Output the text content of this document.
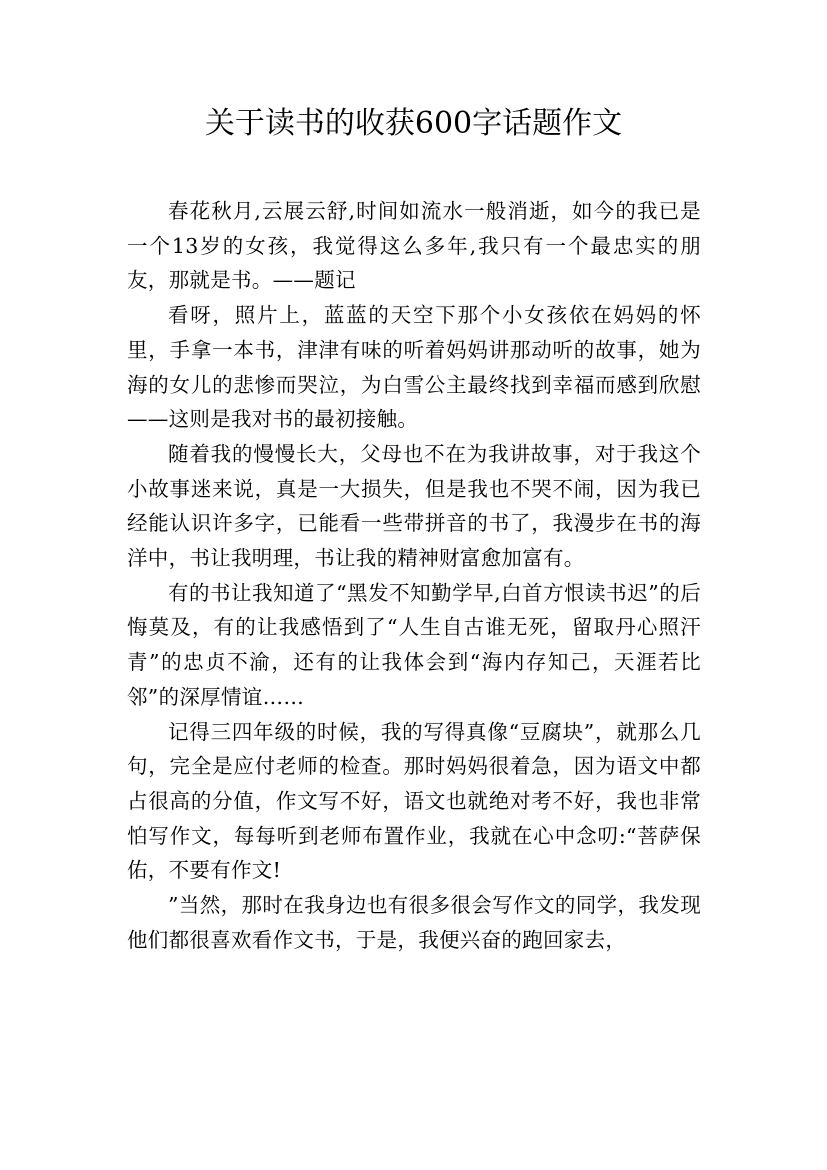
关于读书的收获600字话题作文

春花秋月,云展云舒,时间如流水一般消逝，如今的我已是一个13岁的女孩，我觉得这么多年,我只有一个最忠实的朋友，那就是书。——题记

看呀，照片上，蓝蓝的天空下那个小女孩依在妈妈的怀里，手拿一本书，津津有味的听着妈妈讲那动听的故事，她为海的女儿的悲惨而哭泣，为白雪公主最终找到幸福而感到欣慰——这则是我对书的最初接触。

随着我的慢慢长大，父母也不在为我讲故事，对于我这个小故事迷来说，真是一大损失，但是我也不哭不闹，因为我已经能认识许多字，已能看一些带拼音的书了，我漫步在书的海洋中，书让我明理，书让我的精神财富愈加富有。

有的书让我知道了“黑发不知勤学早,白首方恨读书迟”的后悔莫及，有的让我感悟到了“人生自古谁无死，留取丹心照汗青”的忠贞不渝，还有的让我体会到“海内存知己，天涯若比邻”的深厚情谊……

记得三四年级的时候，我的写得真像“豆腐块”，就那么几句，完全是应付老师的检查。那时妈妈很着急，因为语文中都占很高的分值，作文写不好，语文也就绝对考不好，我也非常怕写作文，每每听到老师布置作业，我就在心中念叨:“菩萨保佑，不要有作文!

”当然，那时在我身边也有很多很会写作文的同学，我发现他们都很喜欢看作文书，于是，我便兴奋的跑回家去，
